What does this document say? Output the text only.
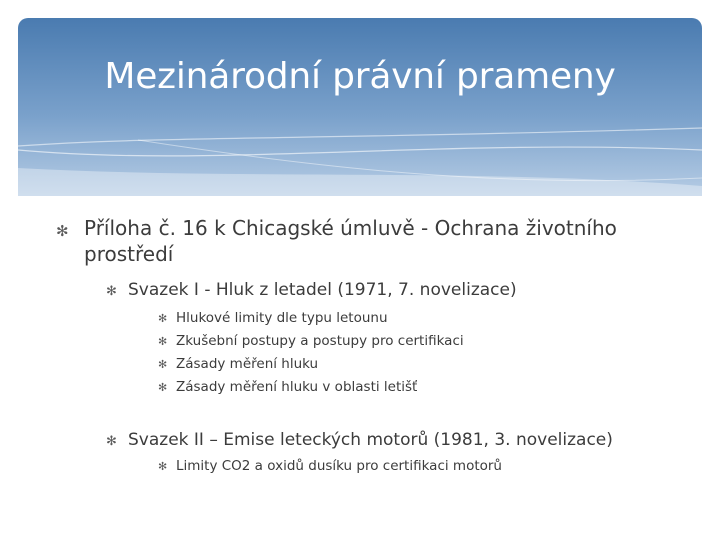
Mezinárodní právní prameny
✻ Příloha č. 16 k Chicagské úmluvě - Ochrana životního prostředí
✻ Svazek I - Hluk z letadel (1971, 7. novelizace)
✻ Hlukové limity dle typu letounu
✻ Zkušební postupy a postupy pro certifikaci
✻ Zásady měření hluku
✻ Zásady měření hluku v oblasti letišť
✻ Svazek II – Emise leteckých motorů (1981, 3. novelizace)
✻ Limity CO2 a oxidů dusíku pro certifikaci motorů
